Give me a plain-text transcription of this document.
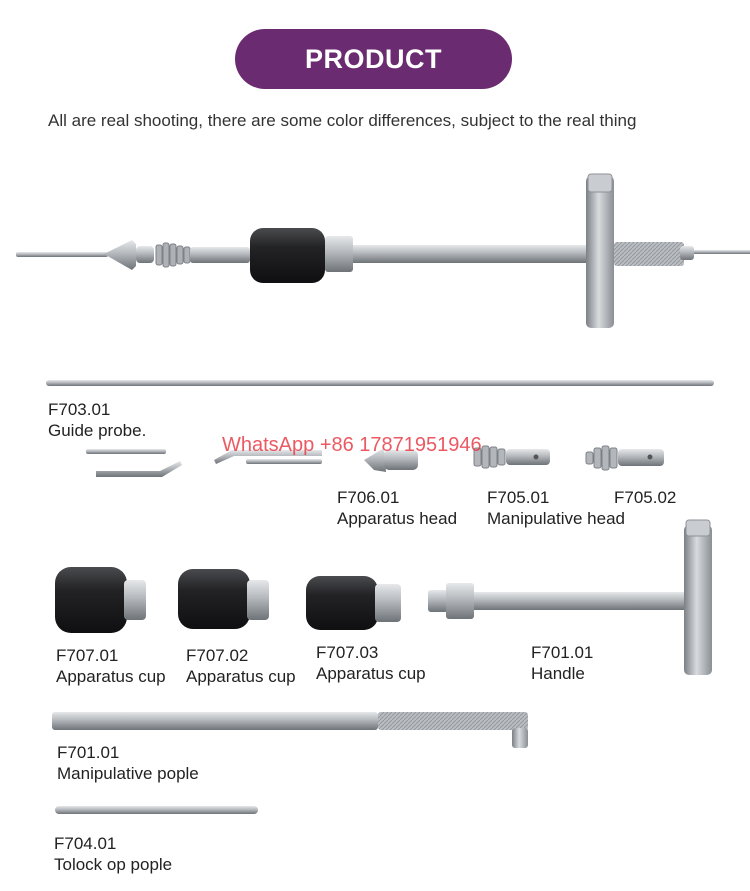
PRODUCT
All are real shooting, there are some color differences, subject to the real thing
WhatsApp +86 17871951946
F703.01
Guide probe.
F706.01
Apparatus head
F705.01
Manipulative head
F705.02
F707.01
Apparatus cup
F707.02
Apparatus cup
F707.03
Apparatus cup
F701.01
Handle
F701.01
Manipulative pople
F704.01
Tolock op pople
